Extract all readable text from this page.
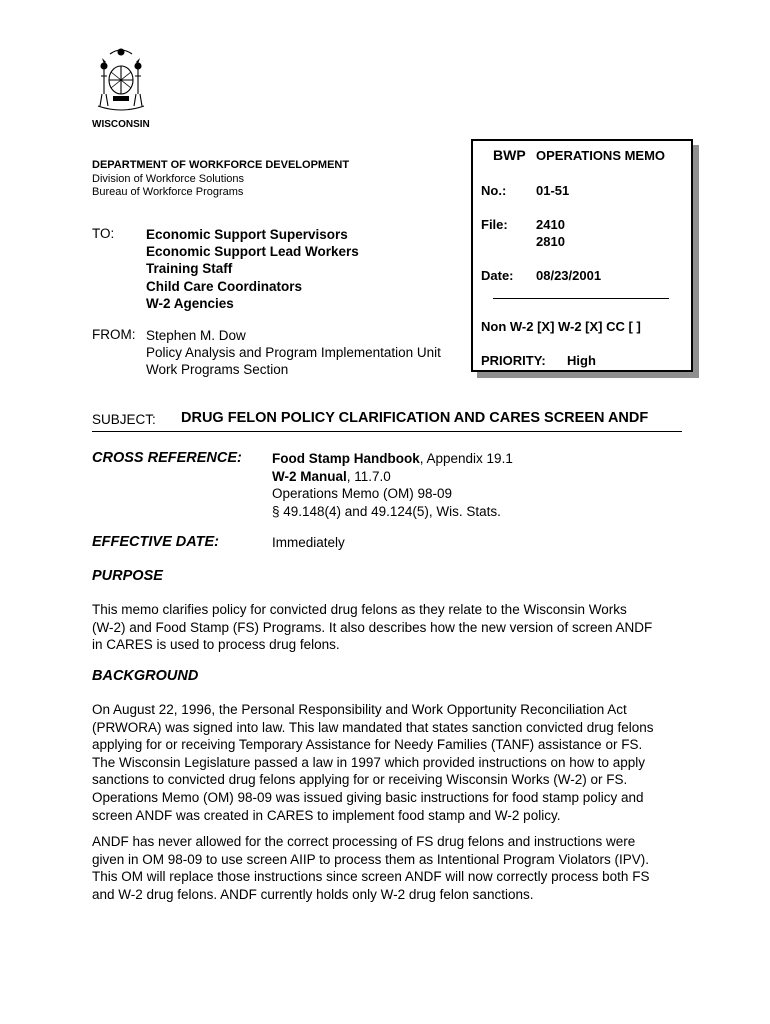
WISCONSIN
DEPARTMENT OF WORKFORCE DEVELOPMENT
Division of Workforce Solutions
Bureau of Workforce Programs
BWP OPERATIONS MEMO
No.: 01-51
File: 2410
2810
Date: 08/23/2001
Non W-2 [X] W-2 [X] CC [ ]
PRIORITY: High
TO: Economic Support Supervisors
Economic Support Lead Workers
Training Staff
Child Care Coordinators
W-2 Agencies
FROM: Stephen M. Dow
Policy Analysis and Program Implementation Unit
Work Programs Section
SUBJECT: DRUG FELON POLICY CLARIFICATION AND CARES SCREEN ANDF
CROSS REFERENCE: Food Stamp Handbook, Appendix 19.1
W-2 Manual, 11.7.0
Operations Memo (OM) 98-09
§ 49.148(4) and 49.124(5), Wis. Stats.
EFFECTIVE DATE:	Immediately
PURPOSE
This memo clarifies policy for convicted drug felons as they relate to the Wisconsin Works
(W-2) and Food Stamp (FS) Programs. It also describes how the new version of screen ANDF
in CARES is used to process drug felons.
BACKGROUND
On August 22, 1996, the Personal Responsibility and Work Opportunity Reconciliation Act
(PRWORA) was signed into law. This law mandated that states sanction convicted drug felons
applying for or receiving Temporary Assistance for Needy Families (TANF) assistance or FS.
The Wisconsin Legislature passed a law in 1997 which provided instructions on how to apply
sanctions to convicted drug felons applying for or receiving Wisconsin Works (W-2) or FS.
Operations Memo (OM) 98-09 was issued giving basic instructions for food stamp policy and
screen ANDF was created in CARES to implement food stamp and W-2 policy.
ANDF has never allowed for the correct processing of FS drug felons and instructions were
given in OM 98-09 to use screen AIIP to process them as Intentional Program Violators (IPV).
This OM will replace those instructions since screen ANDF will now correctly process both FS
and W-2 drug felons. ANDF currently holds only W-2 drug felon sanctions.
